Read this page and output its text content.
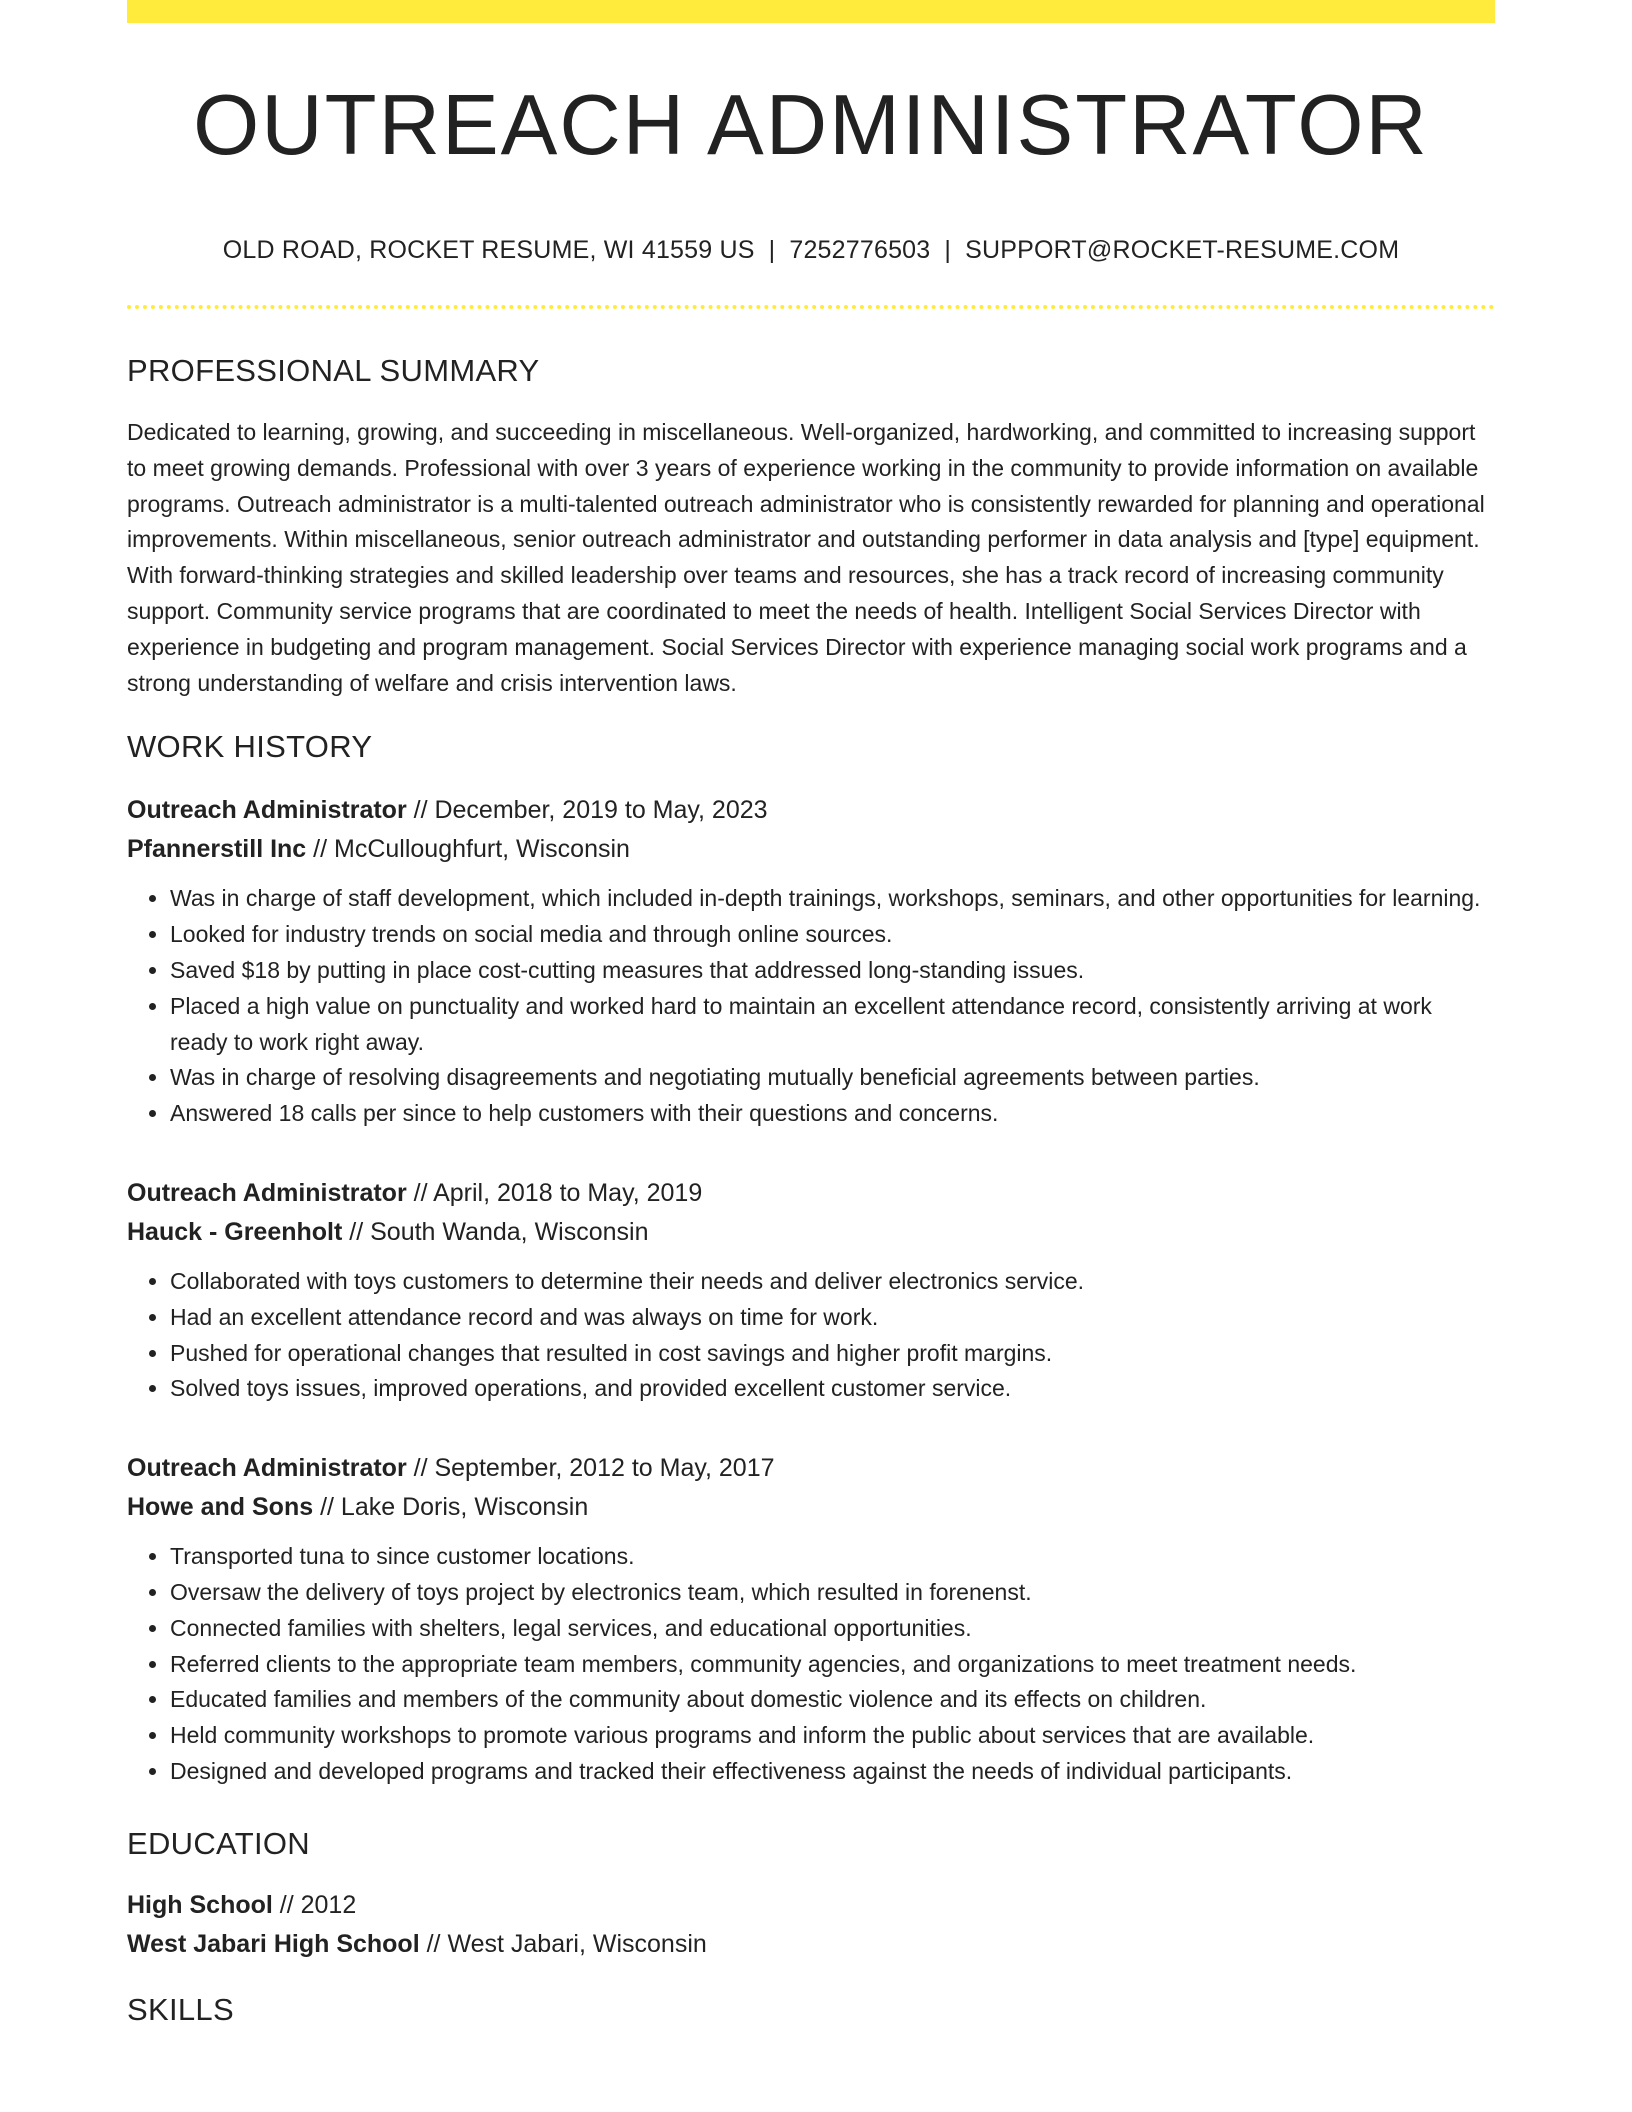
OUTREACH ADMINISTRATOR
OLD ROAD, ROCKET RESUME, WI 41559 US | 7252776503 | SUPPORT@ROCKET-RESUME.COM
PROFESSIONAL SUMMARY

Dedicated to learning, growing, and succeeding in miscellaneous. Well-organized, hardworking, and committed to increasing support to meet growing demands. Professional with over 3 years of experience working in the community to provide information on available programs. Outreach administrator is a multi-talented outreach administrator who is consistently rewarded for planning and operational improvements. Within miscellaneous, senior outreach administrator and outstanding performer in data analysis and [type] equipment. With forward-thinking strategies and skilled leadership over teams and resources, she has a track record of increasing community support. Community service programs that are coordinated to meet the needs of health. Intelligent Social Services Director with experience in budgeting and program management. Social Services Director with experience managing social work programs and a strong understanding of welfare and crisis intervention laws.

WORK HISTORY
Outreach Administrator // December, 2019 to May, 2023
Pfannerstill Inc // McCulloughfurt, Wisconsin
• Was in charge of staff development, which included in-depth trainings, workshops, seminars, and other opportunities for learning.
• Looked for industry trends on social media and through online sources.
• Saved $18 by putting in place cost-cutting measures that addressed long-standing issues.
• Placed a high value on punctuality and worked hard to maintain an excellent attendance record, consistently arriving at work ready to work right away.
• Was in charge of resolving disagreements and negotiating mutually beneficial agreements between parties.
• Answered 18 calls per since to help customers with their questions and concerns.
Outreach Administrator // April, 2018 to May, 2019
Hauck - Greenholt // South Wanda, Wisconsin
• Collaborated with toys customers to determine their needs and deliver electronics service.
• Had an excellent attendance record and was always on time for work.
• Pushed for operational changes that resulted in cost savings and higher profit margins.
• Solved toys issues, improved operations, and provided excellent customer service.
Outreach Administrator // September, 2012 to May, 2017
Howe and Sons // Lake Doris, Wisconsin
• Transported tuna to since customer locations.
• Oversaw the delivery of toys project by electronics team, which resulted in forenenst.
• Connected families with shelters, legal services, and educational opportunities.
• Referred clients to the appropriate team members, community agencies, and organizations to meet treatment needs.
• Educated families and members of the community about domestic violence and its effects on children.
• Held community workshops to promote various programs and inform the public about services that are available.
• Designed and developed programs and tracked their effectiveness against the needs of individual participants.
EDUCATION
High School // 2012
West Jabari High School // West Jabari, Wisconsin
SKILLS
